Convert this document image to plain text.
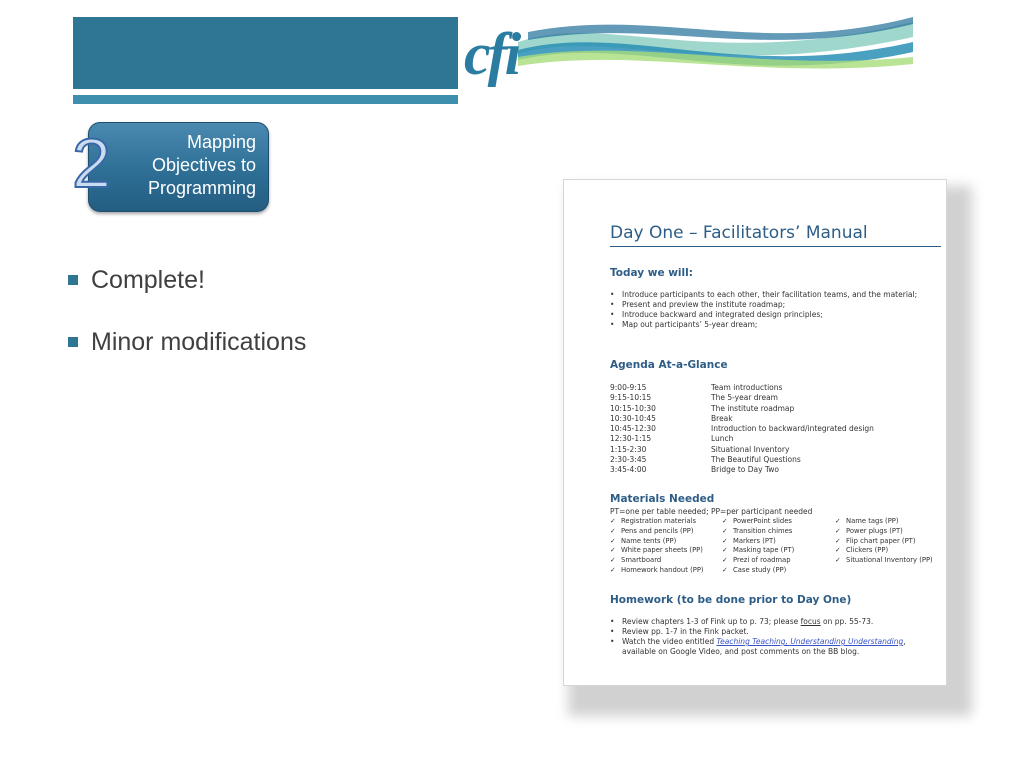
cfi
Mapping
Objectives to
Programming
2
Complete!
Minor modifications
Day One – Facilitators’ Manual
Today we will:
• Introduce participants to each other, their facilitation teams, and the material;
• Present and preview the institute roadmap;
• Introduce backward and integrated design principles;
• Map out participants’ 5-year dream;
Agenda At-a-Glance
9:00-9:15	Team introductions
9:15-10:15	The 5-year dream
10:15-10:30	The institute roadmap
10:30-10:45	Break
10:45-12:30	Introduction to backward/integrated design
12:30-1:15	Lunch
1:15-2:30	Situational Inventory
2:30-3:45	The Beautiful Questions
3:45-4:00	Bridge to Day Two
Materials Needed
PT=one per table needed; PP=per participant needed
✓ Registration materials	✓ PowerPoint slides	✓ Name tags (PP)
✓ Pens and pencils (PP)	✓ Transition chimes	✓ Power plugs (PT)
✓ Name tents (PP)	✓ Markers (PT)	✓ Flip chart paper (PT)
✓ White paper sheets (PP)	✓ Masking tape (PT)	✓ Clickers (PP)
✓ Smartboard	✓ Prezi of roadmap	✓ Situational Inventory (PP)
✓ Homework handout (PP)	✓ Case study (PP)
Homework (to be done prior to Day One)
• Review chapters 1-3 of Fink up to p. 73; please focus on pp. 55-73.
• Review pp. 1-7 in the Fink packet.
• Watch the video entitled Teaching Teaching, Understanding Understanding, available on Google Video, and post comments on the BB blog.
